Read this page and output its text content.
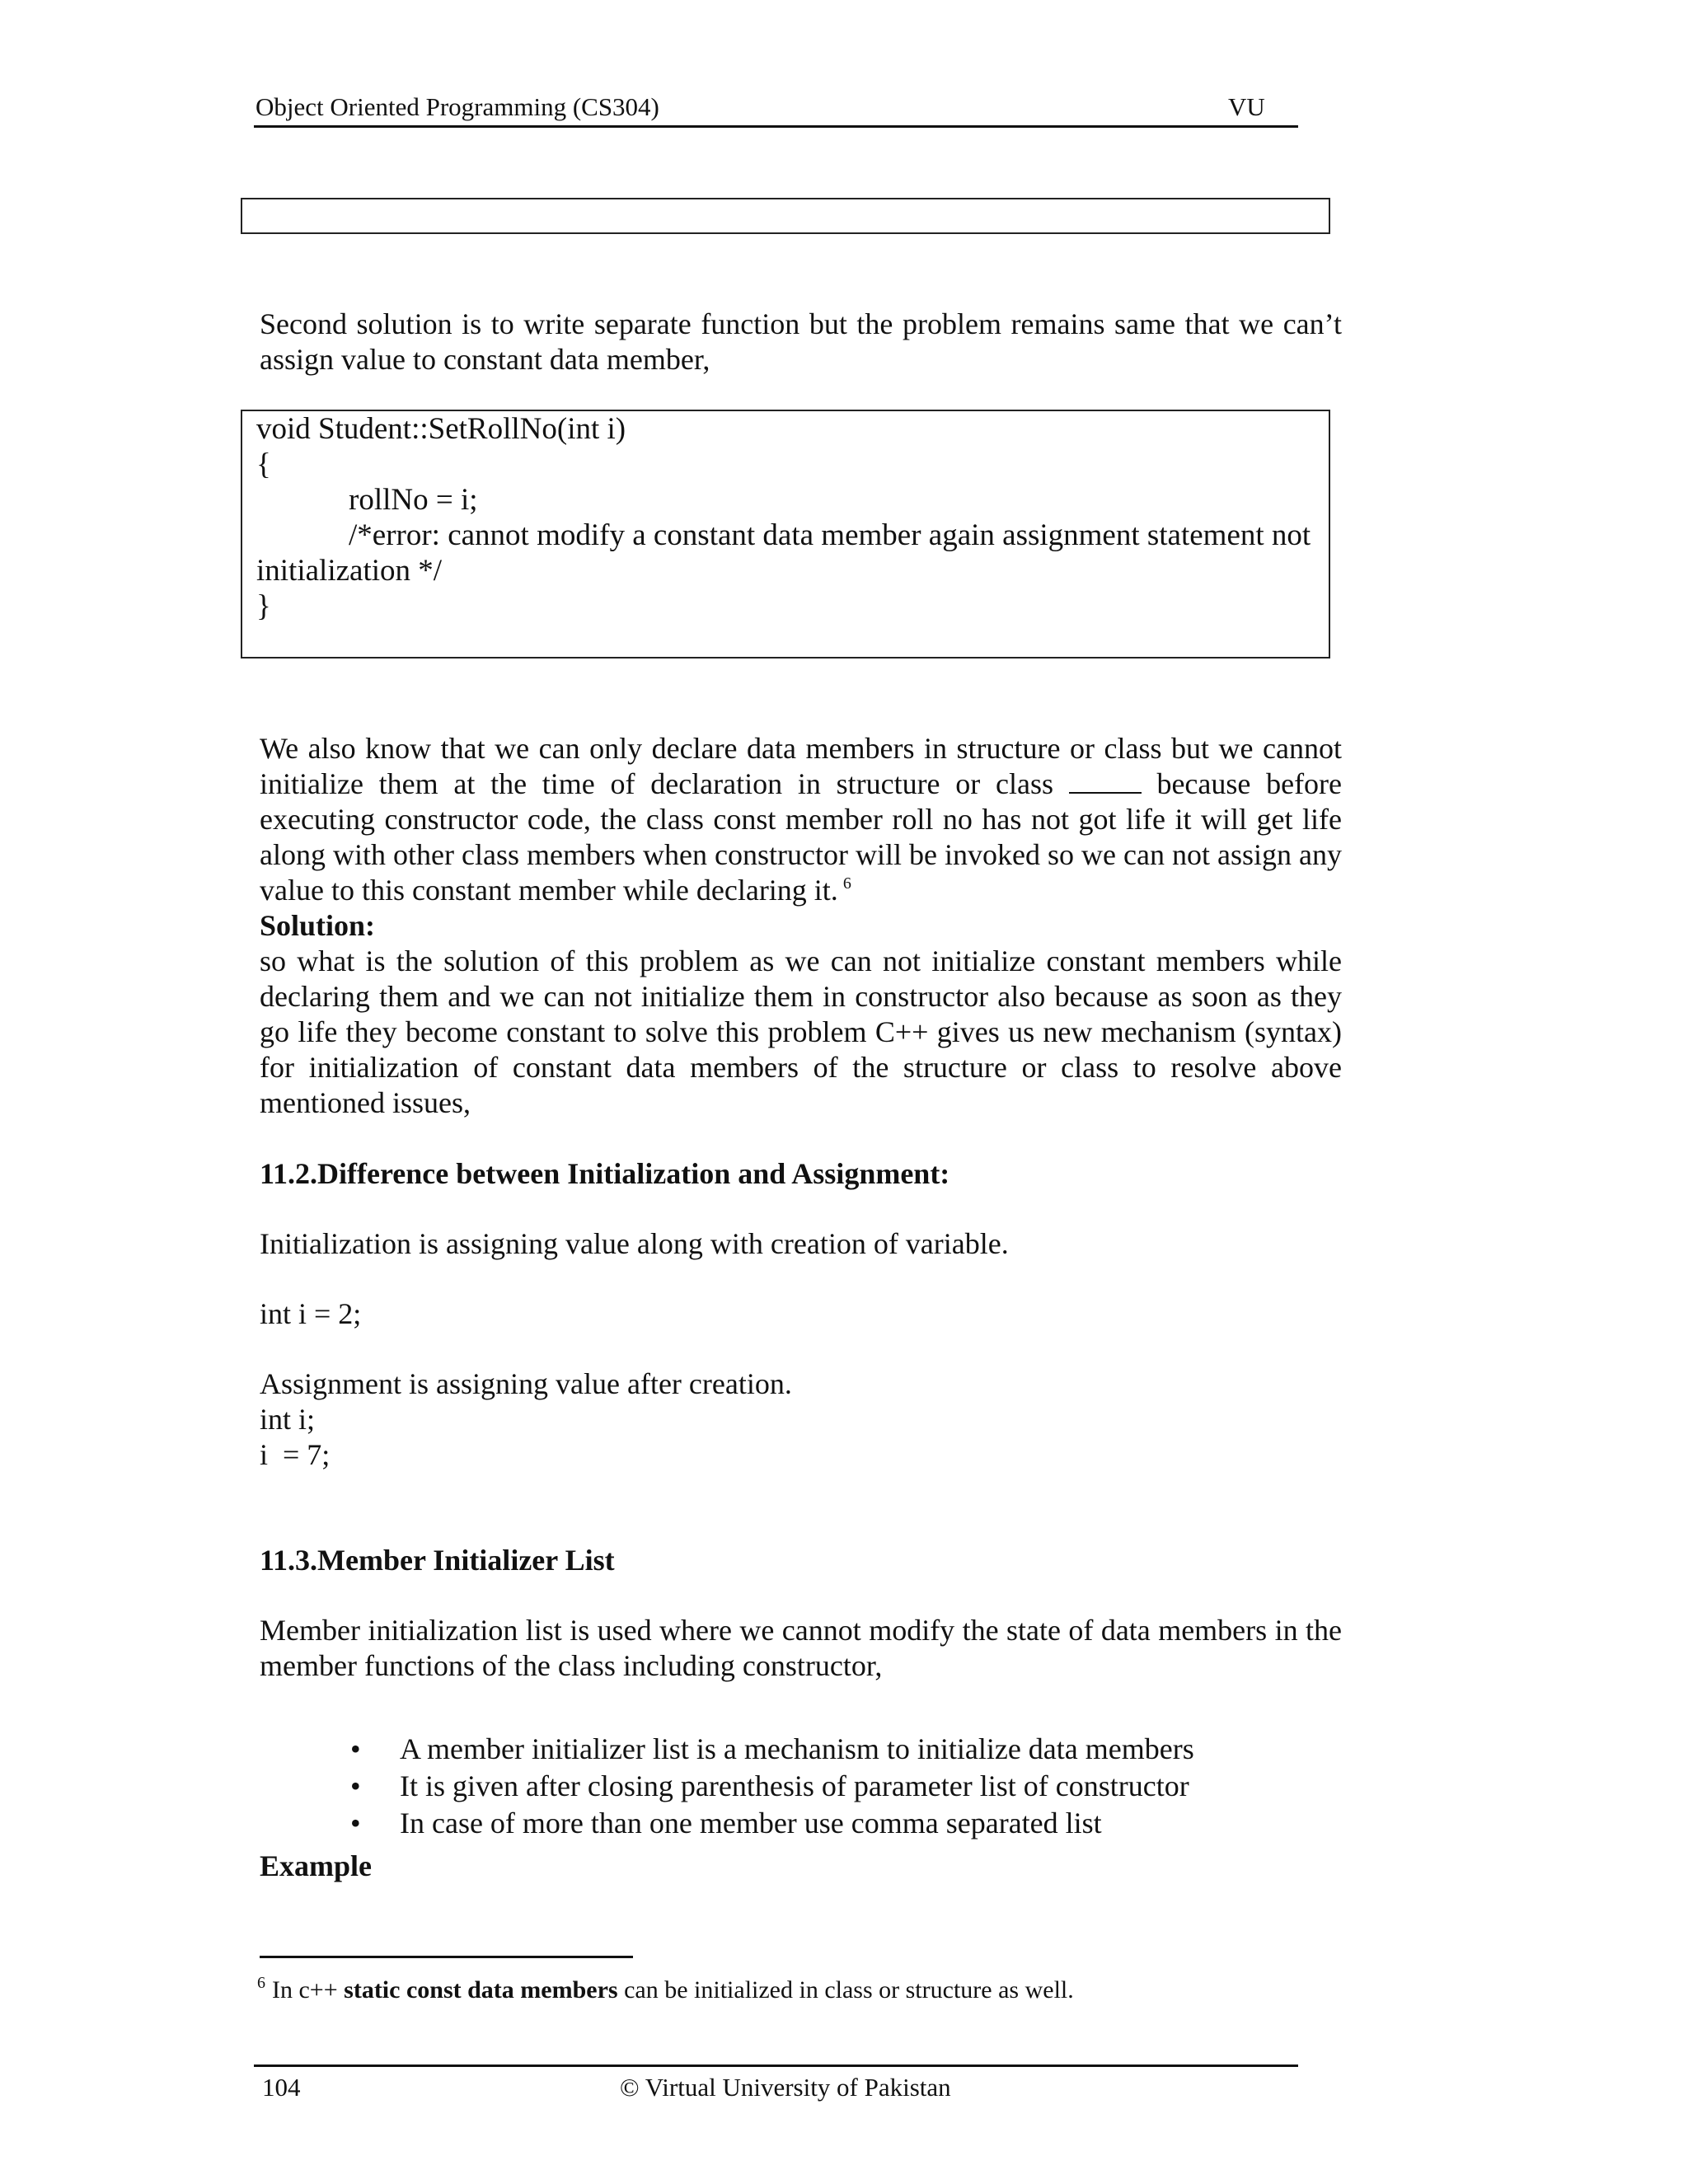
Object Oriented Programming (CS304)	VU
Second solution is to write separate function but the problem remains same that we can’t assign value to constant data member,
void Student::SetRollNo(int i)
{
rollNo = i;
/*error: cannot modify a constant data member again assignment statement not
initialization */
}
We also know that we can only declare data members in structure or class but we cannot initialize them at the time of declaration in structure or class	because before executing constructor code, the class const member roll no has not got life it will get life along with other class members when constructor will be invoked so we can not assign any value to this constant member while declaring it. $^6$
Solution:
so what is the solution of this problem as we can not initialize constant members while declaring them and we can not initialize them in constructor also because as soon as they go life they become constant to solve this problem C++ gives us new mechanism (syntax) for initialization of constant data members of the structure or class to resolve above mentioned issues,
11.2.Difference between Initialization and Assignment:
Initialization is assigning value along with creation of variable.
int i = 2;
Assignment is assigning value after creation.
int i;
i  = 7;
11.3.Member Initializer List
Member initialization list is used where we cannot modify the state of data members in the member functions of the class including constructor,
• A member initializer list is a mechanism to initialize data members
• It is given after closing parenthesis of parameter list of constructor
• In case of more than one member use comma separated list
Example
$^6$ In c++ static const data members can be initialized in class or structure as well.
104	© Virtual University of Pakistan
